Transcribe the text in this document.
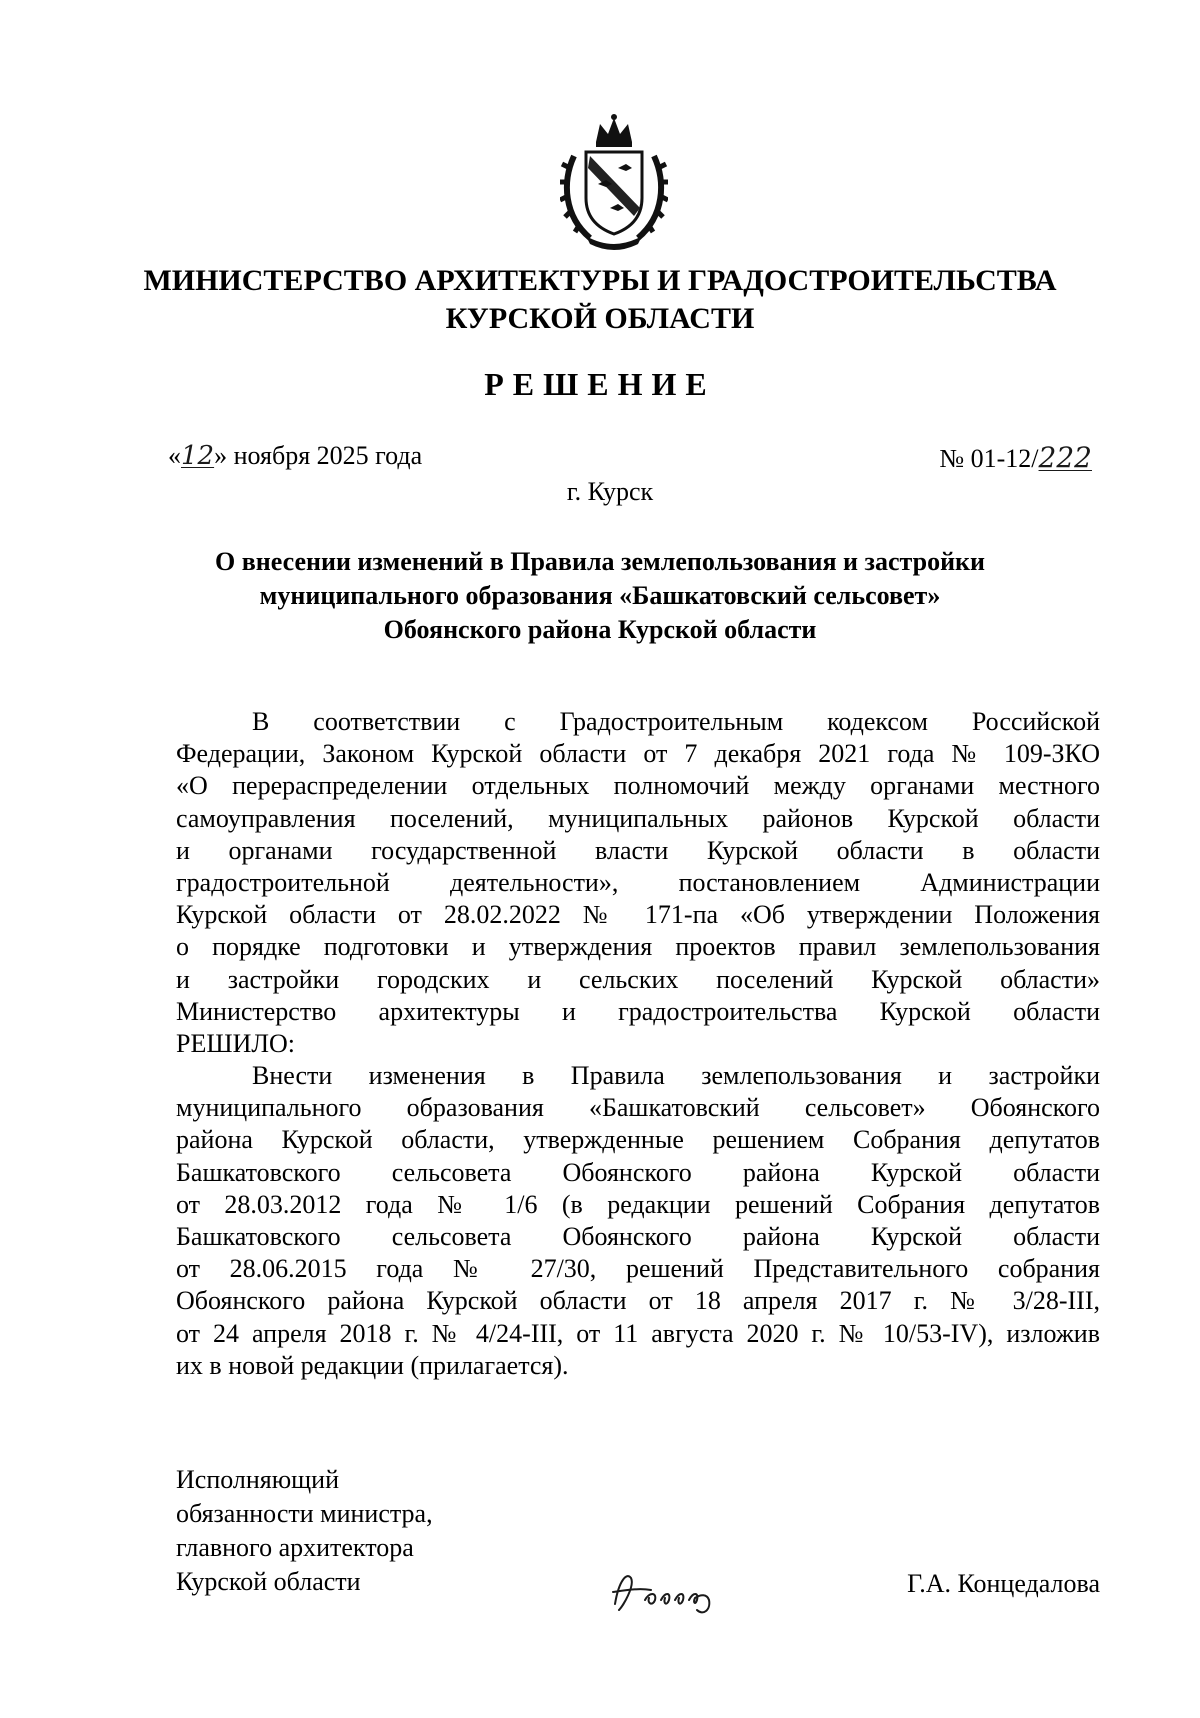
МИНИСТЕРСТВО АРХИТЕКТУРЫ И ГРАДОСТРОИТЕЛЬСТВА
КУРСКОЙ ОБЛАСТИ
РЕШЕНИЕ
«12» ноября 2025 года	№ 01-12/222
г. Курск
О внесении изменений в Правила землепользования и застройки
муниципального образования «Башкатовский сельсовет»
Обоянского района Курской области
В соответствии с Градостроительным кодексом Российской
Федерации, Законом Курской области от 7 декабря 2021 года № 109-ЗКО
«О перераспределении отдельных полномочий между органами местного
самоуправления поселений, муниципальных районов Курской области
и органами государственной власти Курской области в области
градостроительной деятельности», постановлением Администрации
Курской области от 28.02.2022 № 171-па «Об утверждении Положения
о порядке подготовки и утверждения проектов правил землепользования
и застройки городских и сельских поселений Курской области»
Министерство архитектуры и градостроительства Курской области
РЕШИЛО:
Внести изменения в Правила землепользования и застройки
муниципального образования «Башкатовский сельсовет» Обоянского
района Курской области, утвержденные решением Собрания депутатов
Башкатовского сельсовета Обоянского района Курской области
от 28.03.2012 года № 1/6 (в редакции решений Собрания депутатов
Башкатовского сельсовета Обоянского района Курской области
от 28.06.2015 года № 27/30, решений Представительного собрания
Обоянского района Курской области от 18 апреля 2017 г. № 3/28-III,
от 24 апреля 2018 г. № 4/24-III, от 11 августа 2020 г. № 10/53-IV), изложив
их в новой редакции (прилагается).
Исполняющий
обязанности министра,
главного архитектора
Курской области	Г.А. Концедалова
